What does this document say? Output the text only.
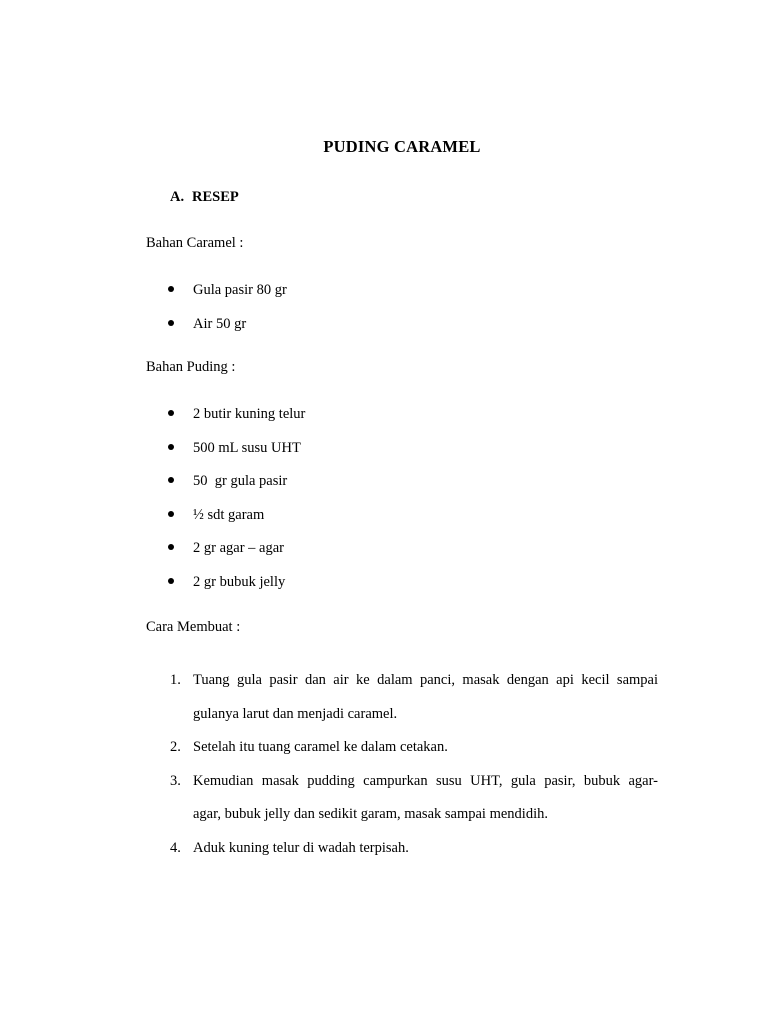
PUDING CARAMEL
A. RESEP
Bahan Caramel :
Gula pasir 80 gr
Air 50 gr
Bahan Puding :
2 butir kuning telur
500 mL susu UHT
50  gr gula pasir
½ sdt garam
2 gr agar – agar
2 gr bubuk jelly
Cara Membuat :
1. Tuang gula pasir dan air ke dalam panci, masak dengan api kecil sampai
gulanya larut dan menjadi caramel.
2. Setelah itu tuang caramel ke dalam cetakan.
3. Kemudian masak pudding campurkan susu UHT, gula pasir, bubuk agar-
agar, bubuk jelly dan sedikit garam, masak sampai mendidih.
4. Aduk kuning telur di wadah terpisah.
